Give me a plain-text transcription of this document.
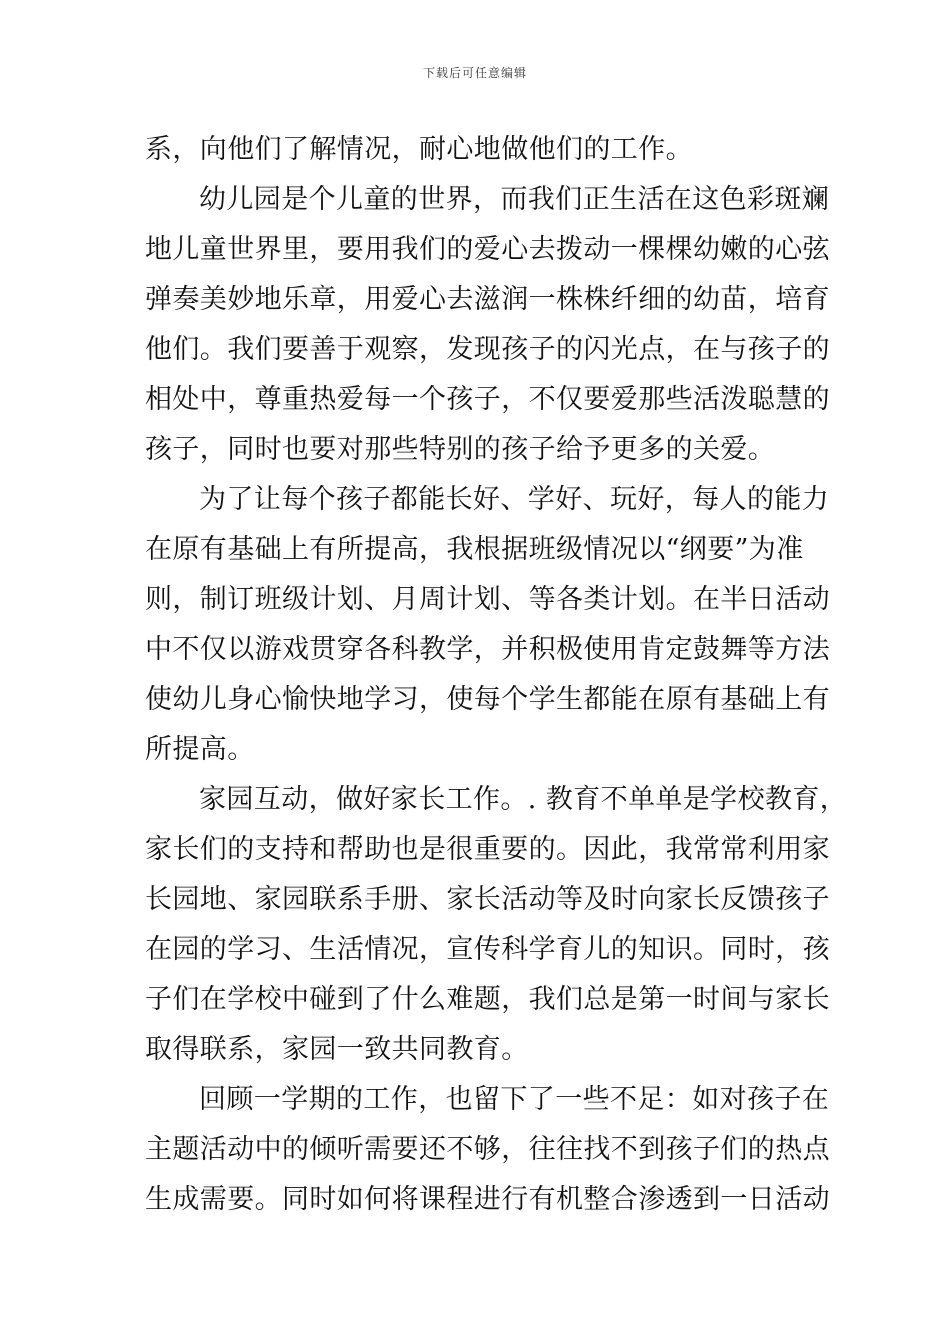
下载后可任意编辑
系，向他们了解情况，耐心地做他们的工作。
幼儿园是个儿童的世界，而我们正生活在这色彩斑斓
地儿童世界里，要用我们的爱心去拨动一棵棵幼嫩的心弦
弹奏美妙地乐章，用爱心去滋润一株株纤细的幼苗，培育
他们。我们要善于观察，发现孩子的闪光点，在与孩子的
相处中，尊重热爱每一个孩子，不仅要爱那些活泼聪慧的
孩子，同时也要对那些特别的孩子给予更多的关爱。
为了让每个孩子都能长好、学好、玩好，每人的能力
在原有基础上有所提高，我根据班级情况以“纲要”为准
则，制订班级计划、月周计划、等各类计划。在半日活动
中不仅以游戏贯穿各科教学，并积极使用肯定鼓舞等方法
使幼儿身心愉快地学习，使每个学生都能在原有基础上有
所提高。
家园互动，做好家长工作。. 教育不单单是学校教育，
家长们的支持和帮助也是很重要的。因此，我常常利用家
长园地、家园联系手册、家长活动等及时向家长反馈孩子
在园的学习、生活情况，宣传科学育儿的知识。同时，孩
子们在学校中碰到了什么难题，我们总是第一时间与家长
取得联系，家园一致共同教育。
回顾一学期的工作，也留下了一些不足：如对孩子在
主题活动中的倾听需要还不够，往往找不到孩子们的热点
生成需要。同时如何将课程进行有机整合渗透到一日活动
